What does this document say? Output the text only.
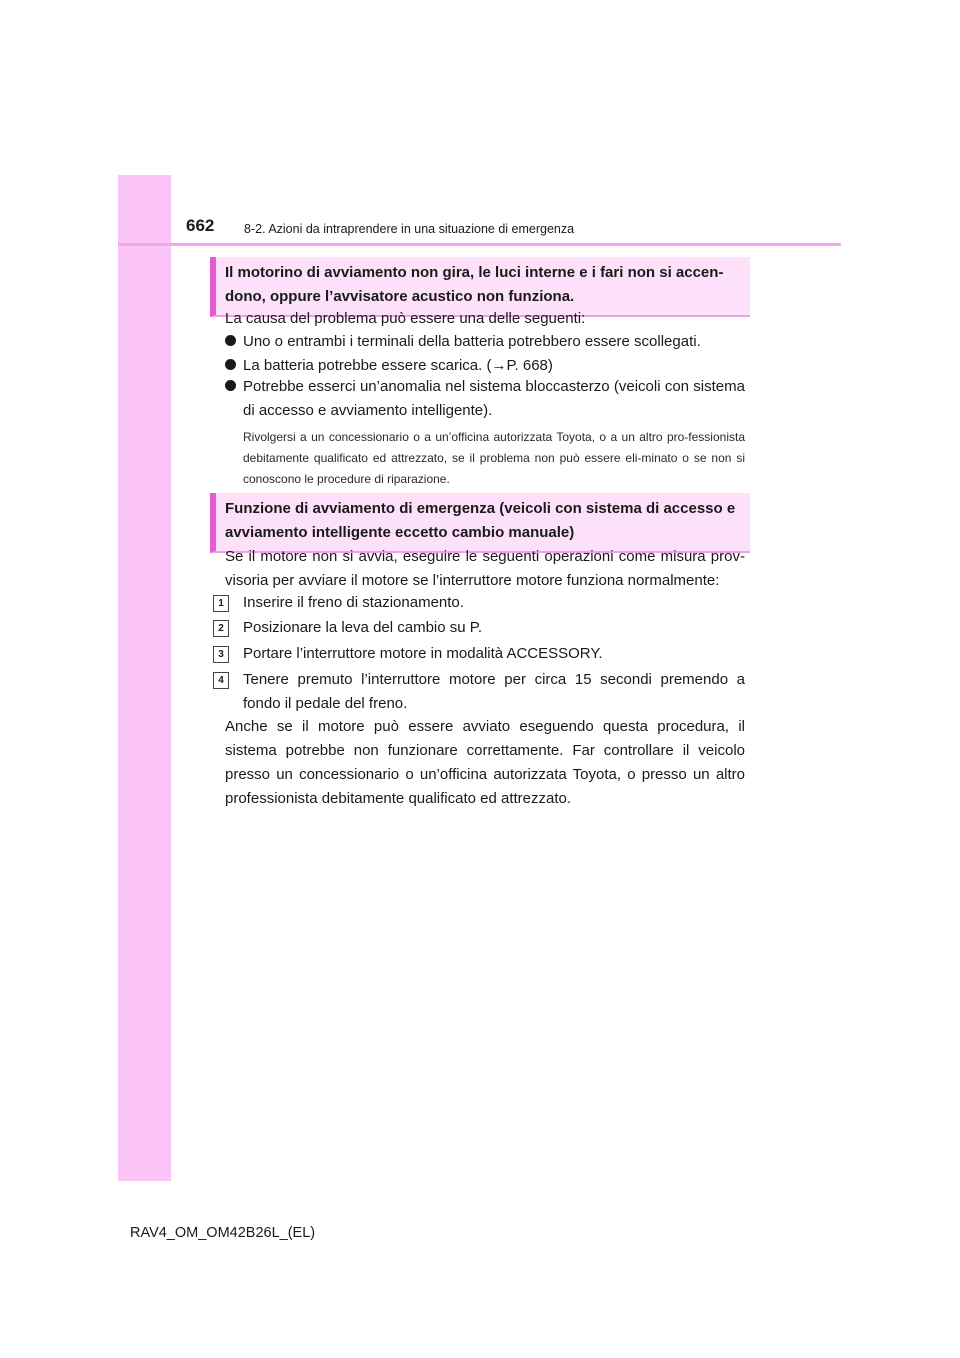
662 8-2. Azioni da intraprendere in una situazione di emergenza
Il motorino di avviamento non gira, le luci interne e i fari non si accen-
dono, oppure l’avvisatore acustico non funziona.
La causa del problema può essere una delle seguenti:
Uno o entrambi i terminali della batteria potrebbero essere scollegati.
La batteria potrebbe essere scarica. (→P. 668)
Potrebbe esserci un’anomalia nel sistema bloccasterzo (veicoli con sistema di accesso e avviamento intelligente).
Rivolgersi a un concessionario o a un’officina autorizzata Toyota, o a un altro pro-fessionista debitamente qualificato ed attrezzato, se il problema non può essere eli-minato o se non si conoscono le procedure di riparazione.
Funzione di avviamento di emergenza (veicoli con sistema di accesso e
avviamento intelligente eccetto cambio manuale)
Se il motore non si avvia, eseguire le seguenti operazioni come misura prov-visoria per avviare il motore se l’interruttore motore funziona normalmente:
1	Inserire il freno di stazionamento.
2	Posizionare la leva del cambio su P.
3	Portare l’interruttore motore in modalità ACCESSORY.
4	Tenere premuto l’interruttore motore per circa 15 secondi premendo a fondo il pedale del freno.
Anche se il motore può essere avviato eseguendo questa procedura, il sistema potrebbe non funzionare correttamente. Far controllare il veicolo presso un concessionario o un’officina autorizzata Toyota, o presso un altro professionista debitamente qualificato ed attrezzato.
RAV4_OM_OM42B26L_(EL)
